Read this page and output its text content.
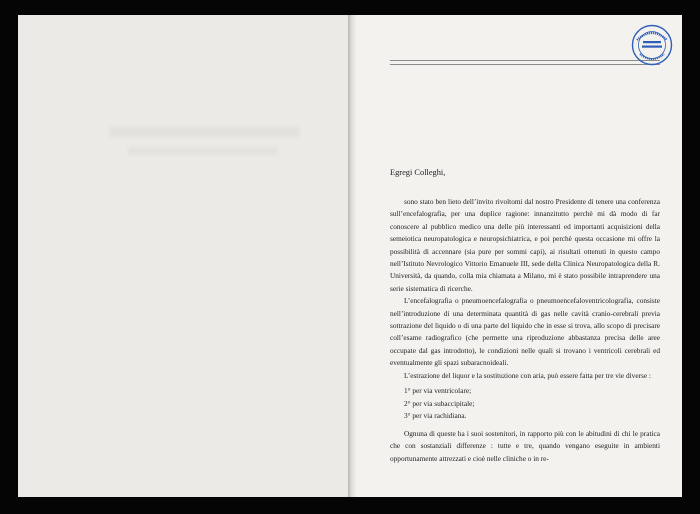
Egregi Colleghi,

sono stato ben lieto dell’invito rivoltomi dal nostro Presidente di tenere una conferenza sull’encefalografia, per una duplice ragione: innanzitutto perchè mi dà modo di far conoscere al pubblico medico una delle più interessanti ed importanti acquisizioni della semeiotica neuropatologica e neuropsichiatrica, e poi perchè questa occasione mi offre la possibilità di accennare (sia pure per sommi capi), ai risultati ottenuti in questo campo nell’Istituto Nevrologico Vittorio Emanuele III, sede della Clinica Neuropatologica della R. Università, da quando, colla mia chiamata a Milano, mi è stato possibile intraprendere una serie sistematica di ricerche.

L’encefalografia o pneumoencefalografia o pneumoencefaloventricolografia, consiste nell’introduzione di una determinata quantità di gas nelle cavità cranio-cerebrali previa sottrazione del liquido o di una parte del liquido che in esse si trova, allo scopo di precisare coll’esame radiografico (che permette una riproduzione abbastanza precisa delle aree occupate dal gas introdotto), le condizioni nelle quali si trovano i ventricoli cerebrali ed eventualmente gli spazi subaracnoideali.

L’estrazione del liquor e la sostituzione con aria, può essere fatta per tre vie diverse :

1° per via ventricolare;
2° per via subaccipitale;
3° per via rachidiana.

Ognuna di queste ha i suoi sostenitori, in rapporto più con le abitudini di chi le pratica che con sostanziali differenze : tutte e tre, quando vengano eseguite in ambienti opportunamente attrezzati e cioè nelle cliniche o in re-
